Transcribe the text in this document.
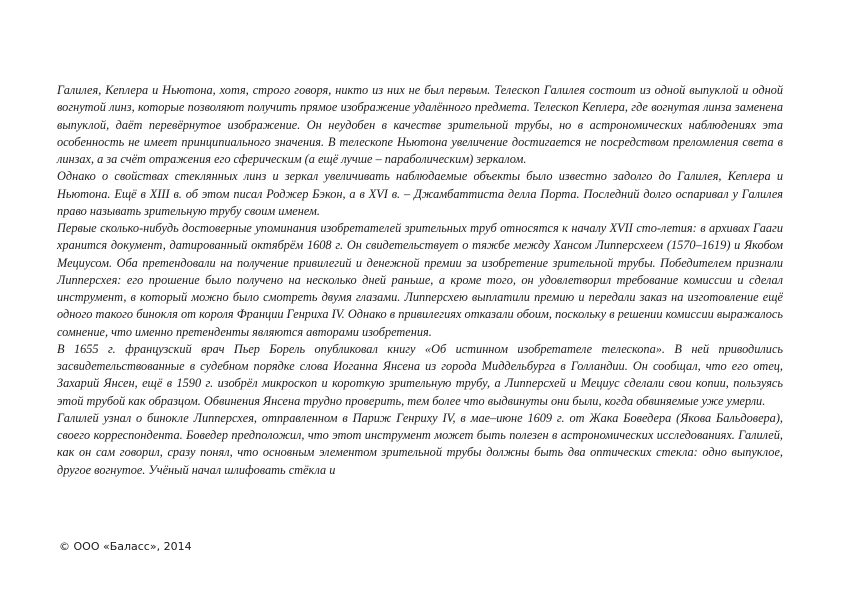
Галилея, Кеплера и Ньютона, хотя, строго говоря, никто из них не был первым. Телескоп Галилея состоит из одной выпуклой и одной вогнутой линз, которые позволяют получить прямое изображение удалённого предмета. Телескоп Кеплера, где вогнутая линза заменена выпуклой, даёт перевёрнутое изображение. Он неудобен в качестве зрительной трубы, но в астрономических наблюдениях эта особенность не имеет принципиального значения. В телескопе Ньютона увеличение достигается не посредством преломления света в линзах, а за счёт отражения его сферическим (а ещё лучше – параболическим) зеркалом.

Однако о свойствах стеклянных линз и зеркал увеличивать наблюдаемые объекты было известно задолго до Галилея, Кеплера и Ньютона. Ещё в XIII в. об этом писал Роджер Бэкон, а в XVI в. – Джамбаттиста делла Порта. Последний долго оспаривал у Галилея право называть зрительную трубу своим именем.

Первые сколько-нибудь достоверные упоминания изобретателей зрительных труб относятся к началу XVII сто-летия: в архивах Гааги хранится документ, датированный октябрём 1608 г. Он свидетельствует о тяжбе между Хансом Липперсхеем (1570–1619) и Якобом Мециусом. Оба претендовали на получение привилегий и денежной премии за изобретение зрительной трубы. Победителем признали Липперсхея: его прошение было получено на несколько дней раньше, а кроме того, он удовлетворил требование комиссии и сделал инструмент, в который можно было смотреть двумя глазами. Липперсхею выплатили премию и передали заказ на изготовление ещё одного такого бинокля от короля Франции Генриха IV. Однако в привилегиях отказали обоим, поскольку в решении комиссии выражалось сомнение, что именно претенденты являются авторами изобретения.

В 1655 г. французский врач Пьер Борель опубликовал книгу «Об истинном изобретателе телескопа». В ней приводились засвидетельствованные в судебном порядке слова Иоганна Янсена из города Миддельбурга в Голландии. Он сообщал, что его отец, Захарий Янсен, ещё в 1590 г. изобрёл микроскоп и короткую зрительную трубу, а Липперсхей и Мециус сделали свои копии, пользуясь этой трубой как образцом. Обвинения Янсена трудно проверить, тем более что выдвинуты они были, когда обвиняемые уже умерли.

Галилей узнал о бинокле Липперсхея, отправленном в Париж Генриху IV, в мае–июне 1609 г. от Жака Боведера (Якова Бальдовера), своего корреспондента. Боведер предположил, что этот инструмент может быть полезен в астрономических исследованиях. Галилей, как он сам говорил, сразу понял, что основным элементом зрительной трубы должны быть два оптических стекла: одно выпуклое, другое вогнутое. Учёный начал шлифовать стёкла и

© ООО «Баласс», 2014
